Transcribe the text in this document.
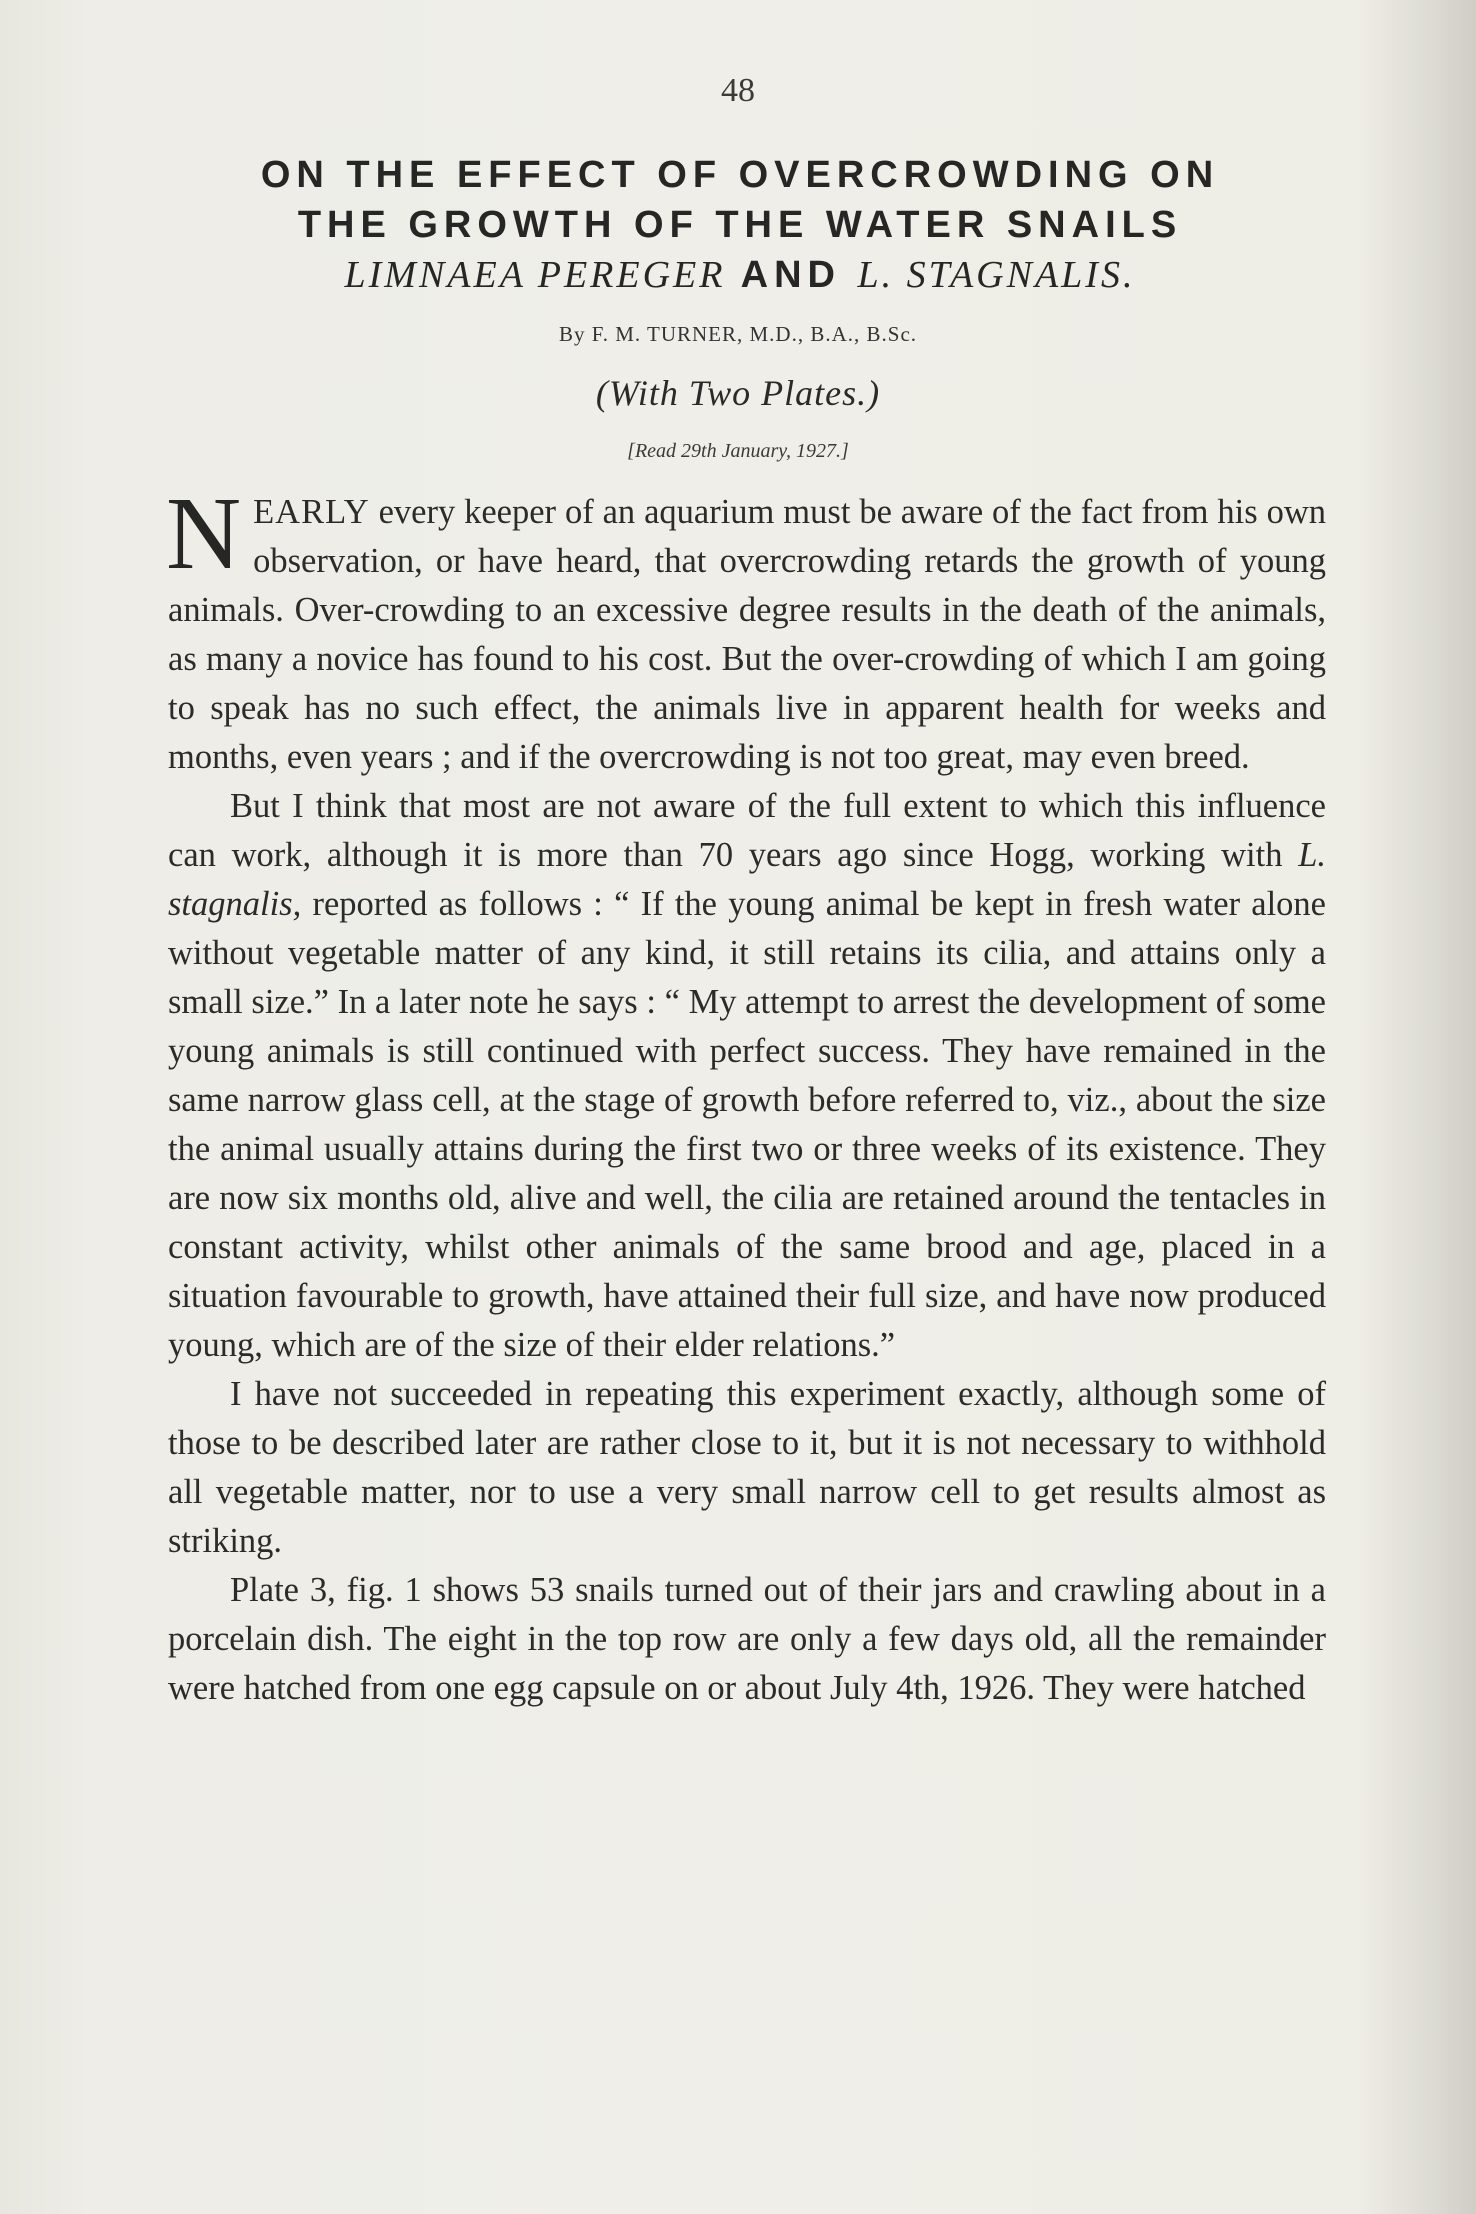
48
ON THE EFFECT OF OVERCROWDING ON
THE GROWTH OF THE WATER SNAILS
LIMNAEA PEREGER AND L. STAGNALIS.
By F. M. TURNER, M.D., B.A., B.Sc.
(With Two Plates.)
[Read 29th January, 1927.]

NEARLY every keeper of an aquarium must be aware of the fact from his own observation, or have heard, that overcrowding retards the growth of young animals. Over-crowding to an excessive degree results in the death of the animals, as many a novice has found to his cost. But the over-crowding of which I am going to speak has no such effect, the animals live in apparent health for weeks and months, even years ; and if the overcrowding is not too great, may even breed.

But I think that most are not aware of the full extent to which this influence can work, although it is more than 70 years ago since Hogg, working with L. stagnalis, reported as follows : “ If the young animal be kept in fresh water alone without vegetable matter of any kind, it still retains its cilia, and attains only a small size.” In a later note he says : “ My attempt to arrest the development of some young animals is still continued with perfect success. They have remained in the same narrow glass cell, at the stage of growth before referred to, viz., about the size the animal usually attains during the first two or three weeks of its existence. They are now six months old, alive and well, the cilia are retained around the tentacles in constant activity, whilst other animals of the same brood and age, placed in a situation favourable to growth, have attained their full size, and have now produced young, which are of the size of their elder relations.”

I have not succeeded in repeating this experiment exactly, although some of those to be described later are rather close to it, but it is not necessary to withhold all vegetable matter, nor to use a very small narrow cell to get results almost as striking.

Plate 3, fig. 1 shows 53 snails turned out of their jars and crawling about in a porcelain dish. The eight in the top row are only a few days old, all the remainder were hatched from one egg capsule on or about July 4th, 1926. They were hatched
